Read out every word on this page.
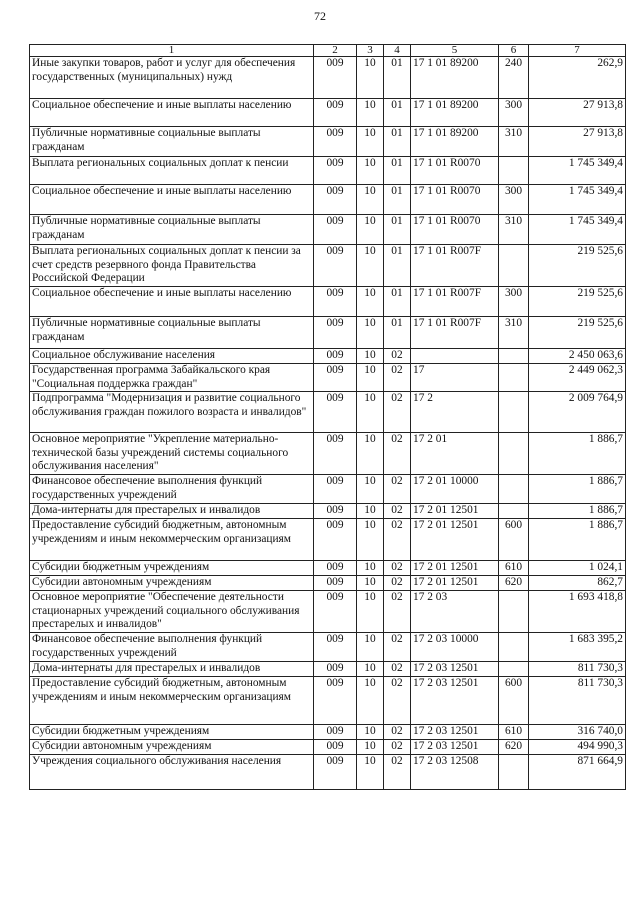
72
1	2	3	4	5	6	7
Иные закупки товаров, работ и услуг для обеспечения государственных (муниципальных) нужд	009	10	01	17 1 01 89200	240	262,9
Социальное обеспечение и иные выплаты населению	009	10	01	17 1 01 89200	300	27 913,8
Публичные нормативные социальные выплаты гражданам	009	10	01	17 1 01 89200	310	27 913,8
Выплата региональных социальных доплат к пенсии	009	10	01	17 1 01 R0070		1 745 349,4
Социальное обеспечение и иные выплаты населению	009	10	01	17 1 01 R0070	300	1 745 349,4
Публичные нормативные социальные выплаты гражданам	009	10	01	17 1 01 R0070	310	1 745 349,4
Выплата региональных социальных доплат к пенсии за счет средств резервного фонда Правительства Российской Федерации	009	10	01	17 1 01 R007F		219 525,6
Социальное обеспечение и иные выплаты населению	009	10	01	17 1 01 R007F	300	219 525,6
Публичные нормативные социальные выплаты гражданам	009	10	01	17 1 01 R007F	310	219 525,6
Социальное обслуживание населения	009	10	02			2 450 063,6
Государственная программа Забайкальского края "Социальная поддержка граждан"	009	10	02	17		2 449 062,3
Подпрограмма "Модернизация и развитие социального обслуживания граждан пожилого возраста и инвалидов"	009	10	02	17 2		2 009 764,9
Основное мероприятие "Укрепление материально-технической базы учреждений системы социального обслуживания населения"	009	10	02	17 2 01		1 886,7
Финансовое обеспечение выполнения функций государственных учреждений	009	10	02	17 2 01 10000		1 886,7
Дома-интернаты для престарелых и инвалидов	009	10	02	17 2 01 12501		1 886,7
Предоставление субсидий бюджетным, автономным учреждениям и иным некоммерческим организациям	009	10	02	17 2 01 12501	600	1 886,7
Субсидии бюджетным учреждениям	009	10	02	17 2 01 12501	610	1 024,1
Субсидии автономным учреждениям	009	10	02	17 2 01 12501	620	862,7
Основное мероприятие "Обеспечение деятельности стационарных учреждений социального обслуживания престарелых и инвалидов"	009	10	02	17 2 03		1 693 418,8
Финансовое обеспечение выполнения функций государственных учреждений	009	10	02	17 2 03 10000		1 683 395,2
Дома-интернаты для престарелых и инвалидов	009	10	02	17 2 03 12501		811 730,3
Предоставление субсидий бюджетным, автономным учреждениям и иным некоммерческим организациям	009	10	02	17 2 03 12501	600	811 730,3
Субсидии бюджетным учреждениям	009	10	02	17 2 03 12501	610	316 740,0
Субсидии автономным учреждениям	009	10	02	17 2 03 12501	620	494 990,3
Учреждения социального обслуживания населения	009	10	02	17 2 03 12508		871 664,9
